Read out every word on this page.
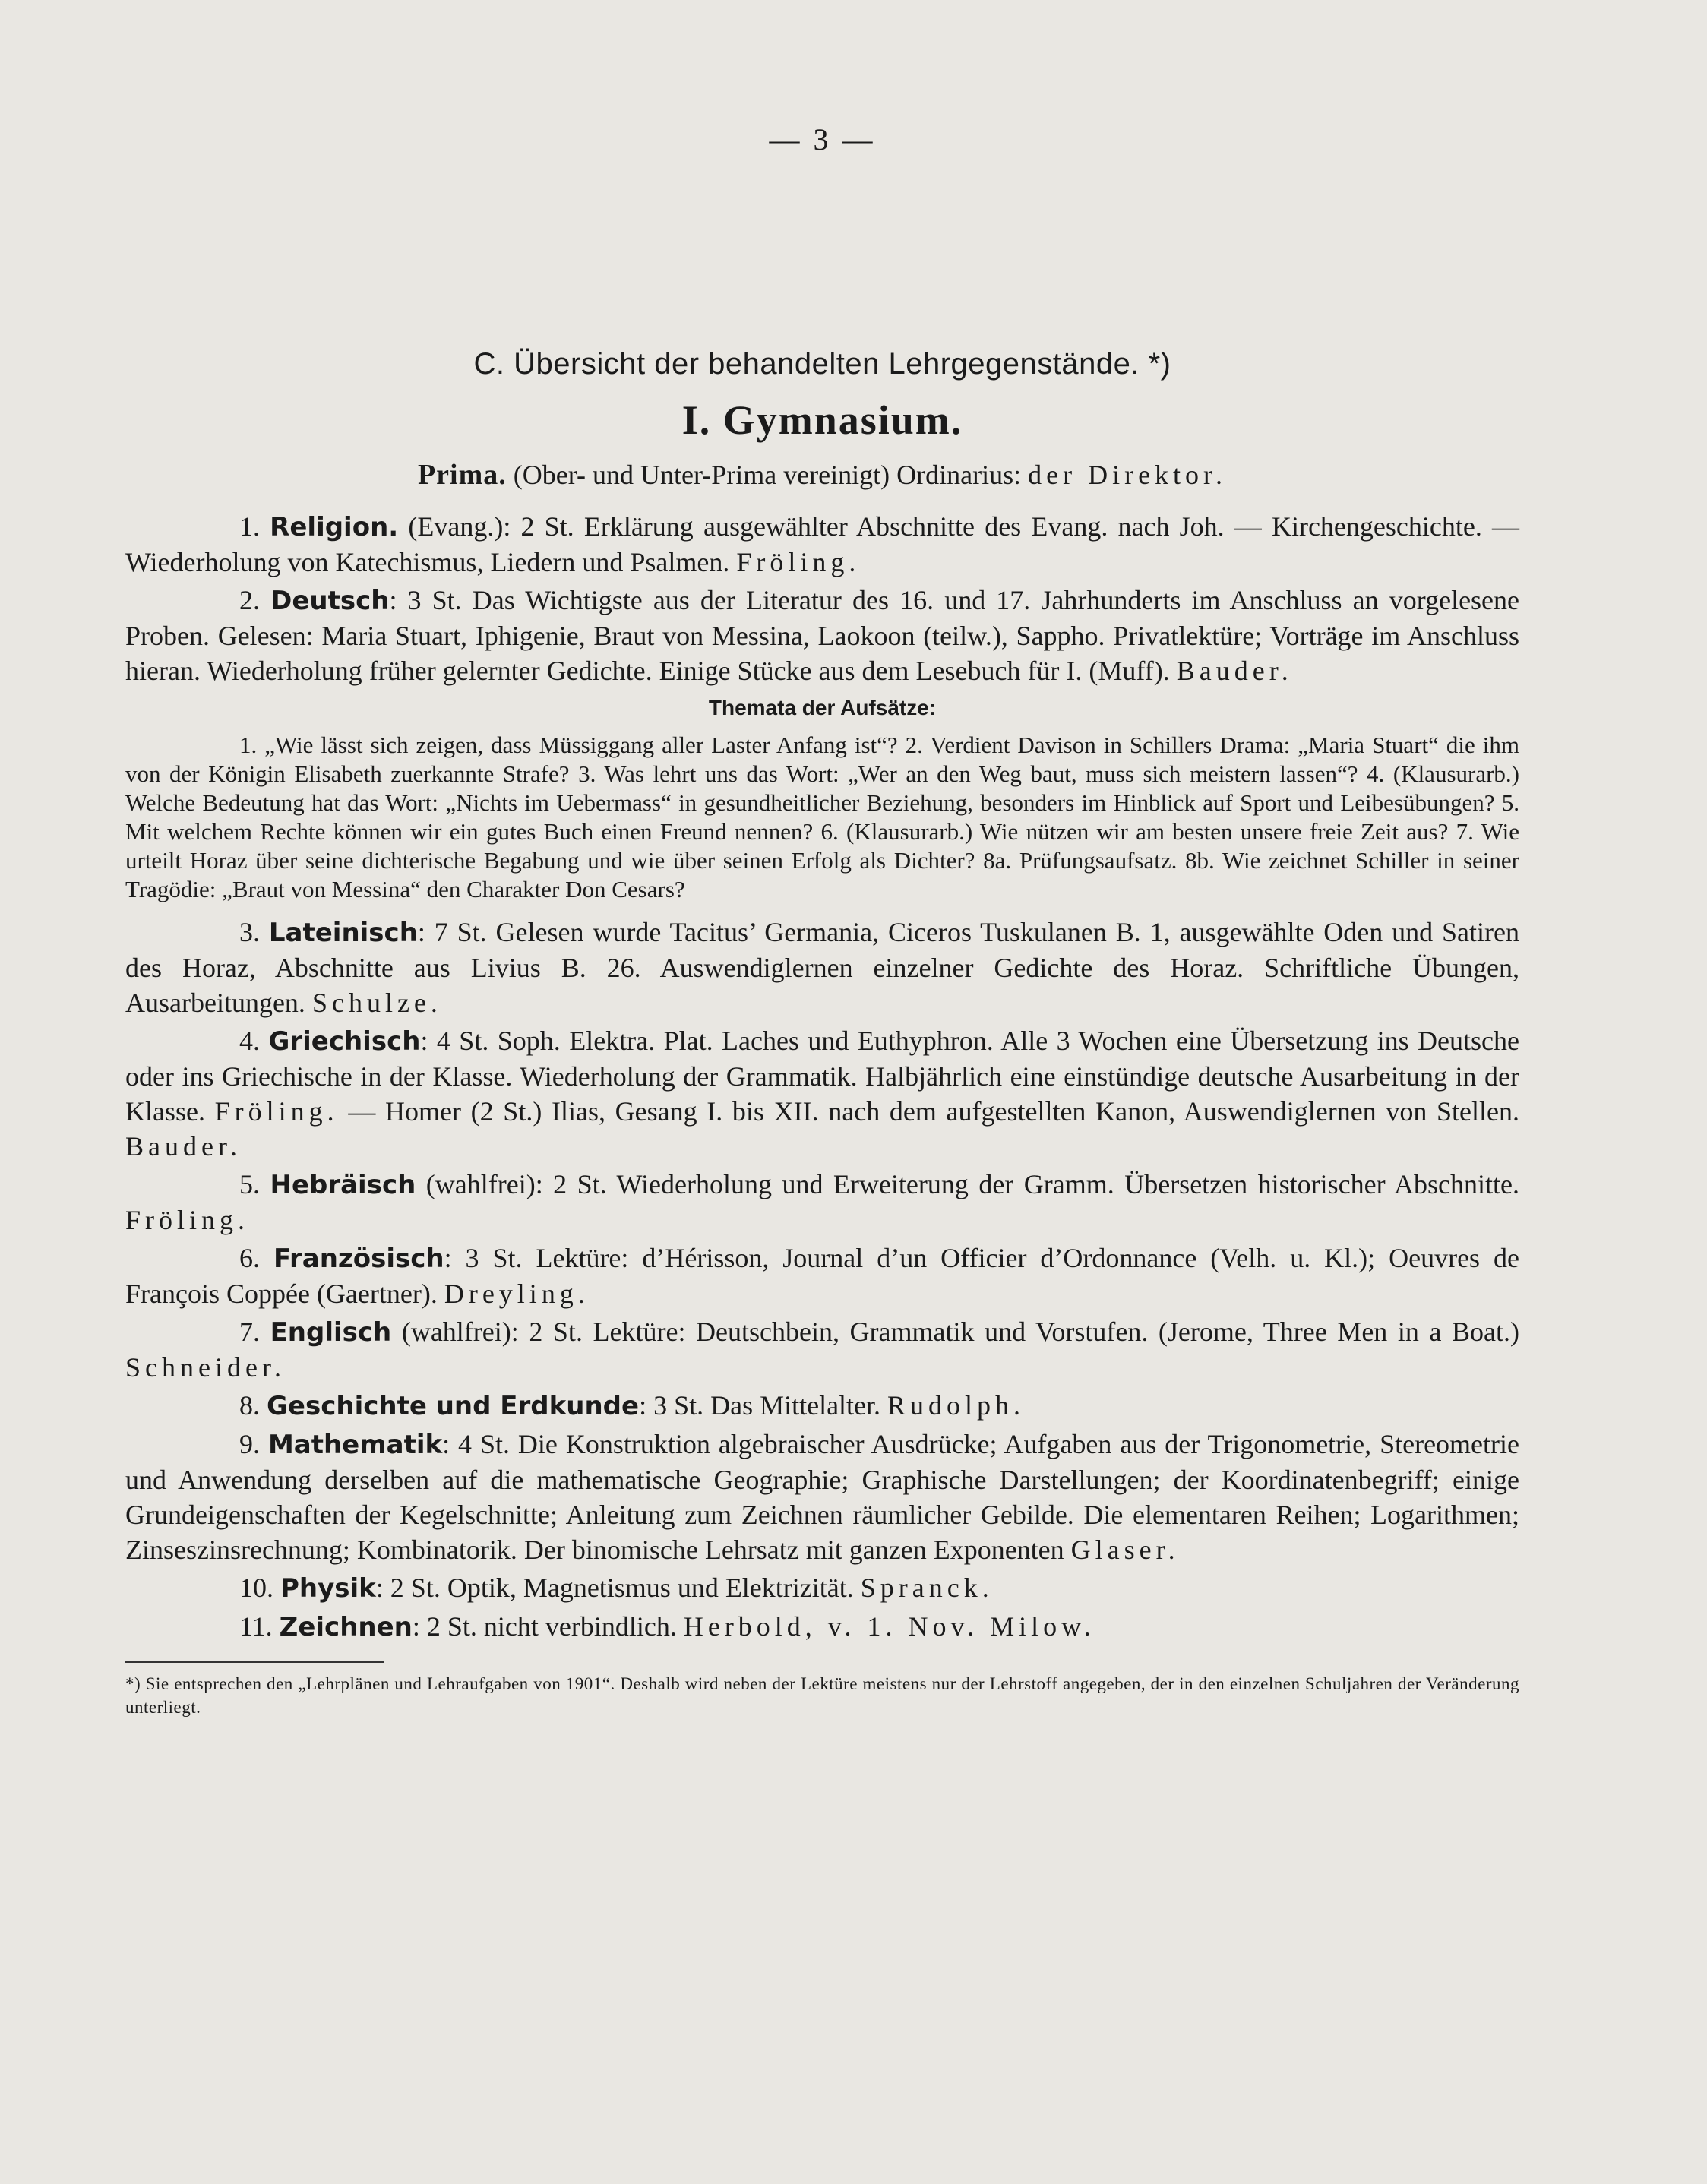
— 3 —
C. Übersicht der behandelten Lehrgegenstände. *)
I. Gymnasium.
Prima. (Ober- und Unter-Prima vereinigt) Ordinarius: der Direktor.

1. Religion. (Evang.): 2 St. Erklärung ausgewählter Abschnitte des Evang. nach Joh. — Kirchengeschichte. — Wiederholung von Katechismus, Liedern und Psalmen. Fröling.

2. Deutsch: 3 St. Das Wichtigste aus der Literatur des 16. und 17. Jahrhunderts im Anschluss an vorgelesene Proben. Gelesen: Maria Stuart, Iphigenie, Braut von Messina, Laokoon (teilw.), Sappho. Privatlektüre; Vorträge im Anschluss hieran. Wiederholung früher gelernter Gedichte. Einige Stücke aus dem Lesebuch für I. (Muff). Bauder.

Themata der Aufsätze:

1. „Wie lässt sich zeigen, dass Müssiggang aller Laster Anfang ist“? 2. Verdient Davison in Schillers Drama: „Maria Stuart“ die ihm von der Königin Elisabeth zuerkannte Strafe? 3. Was lehrt uns das Wort: „Wer an den Weg baut, muss sich meistern lassen“? 4. (Klausurarb.) Welche Bedeutung hat das Wort: „Nichts im Uebermass“ in gesundheitlicher Beziehung, besonders im Hinblick auf Sport und Leibesübungen? 5. Mit welchem Rechte können wir ein gutes Buch einen Freund nennen? 6. (Klausurarb.) Wie nützen wir am besten unsere freie Zeit aus? 7. Wie urteilt Horaz über seine dichterische Begabung und wie über seinen Erfolg als Dichter? 8a. Prüfungsaufsatz. 8b. Wie zeichnet Schiller in seiner Tragödie: „Braut von Messina“ den Charakter Don Cesars?

3. Lateinisch: 7 St. Gelesen wurde Tacitus’ Germania, Ciceros Tuskulanen B. 1, ausgewählte Oden und Satiren des Horaz, Abschnitte aus Livius B. 26. Auswendiglernen einzelner Gedichte des Horaz. Schriftliche Übungen, Ausarbeitungen. Schulze.

4. Griechisch: 4 St. Soph. Elektra. Plat. Laches und Euthyphron. Alle 3 Wochen eine Übersetzung ins Deutsche oder ins Griechische in der Klasse. Wiederholung der Grammatik. Halbjährlich eine einstündige deutsche Ausarbeitung in der Klasse. Fröling. — Homer (2 St.) Ilias, Gesang I. bis XII. nach dem aufgestellten Kanon, Auswendiglernen von Stellen. Bauder.

5. Hebräisch (wahlfrei): 2 St. Wiederholung und Erweiterung der Gramm. Übersetzen historischer Abschnitte. Fröling.

6. Französisch: 3 St. Lektüre: d’Hérisson, Journal d’un Officier d’Ordonnance (Velh. u. Kl.); Oeuvres de François Coppée (Gaertner). Dreyling.

7. Englisch (wahlfrei): 2 St. Lektüre: Deutschbein, Grammatik und Vorstufen. (Jerome, Three Men in a Boat.) Schneider.

8. Geschichte und Erdkunde: 3 St. Das Mittelalter. Rudolph.

9. Mathematik: 4 St. Die Konstruktion algebraischer Ausdrücke; Aufgaben aus der Trigonometrie, Stereometrie und Anwendung derselben auf die mathematische Geographie; Graphische Darstellungen; der Koordinatenbegriff; einige Grundeigenschaften der Kegelschnitte; Anleitung zum Zeichnen räumlicher Gebilde. Die elementaren Reihen; Logarithmen; Zinseszinsrechnung; Kombinatorik. Der binomische Lehrsatz mit ganzen Exponenten Glaser.

10. Physik: 2 St. Optik, Magnetismus und Elektrizität. Spranck.

11. Zeichnen: 2 St. nicht verbindlich. Herbold, v. 1. Nov. Milow.

*) Sie entsprechen den „Lehrplänen und Lehraufgaben von 1901“. Deshalb wird neben der Lektüre meistens nur der Lehrstoff angegeben, der in den einzelnen Schuljahren der Veränderung unterliegt.
